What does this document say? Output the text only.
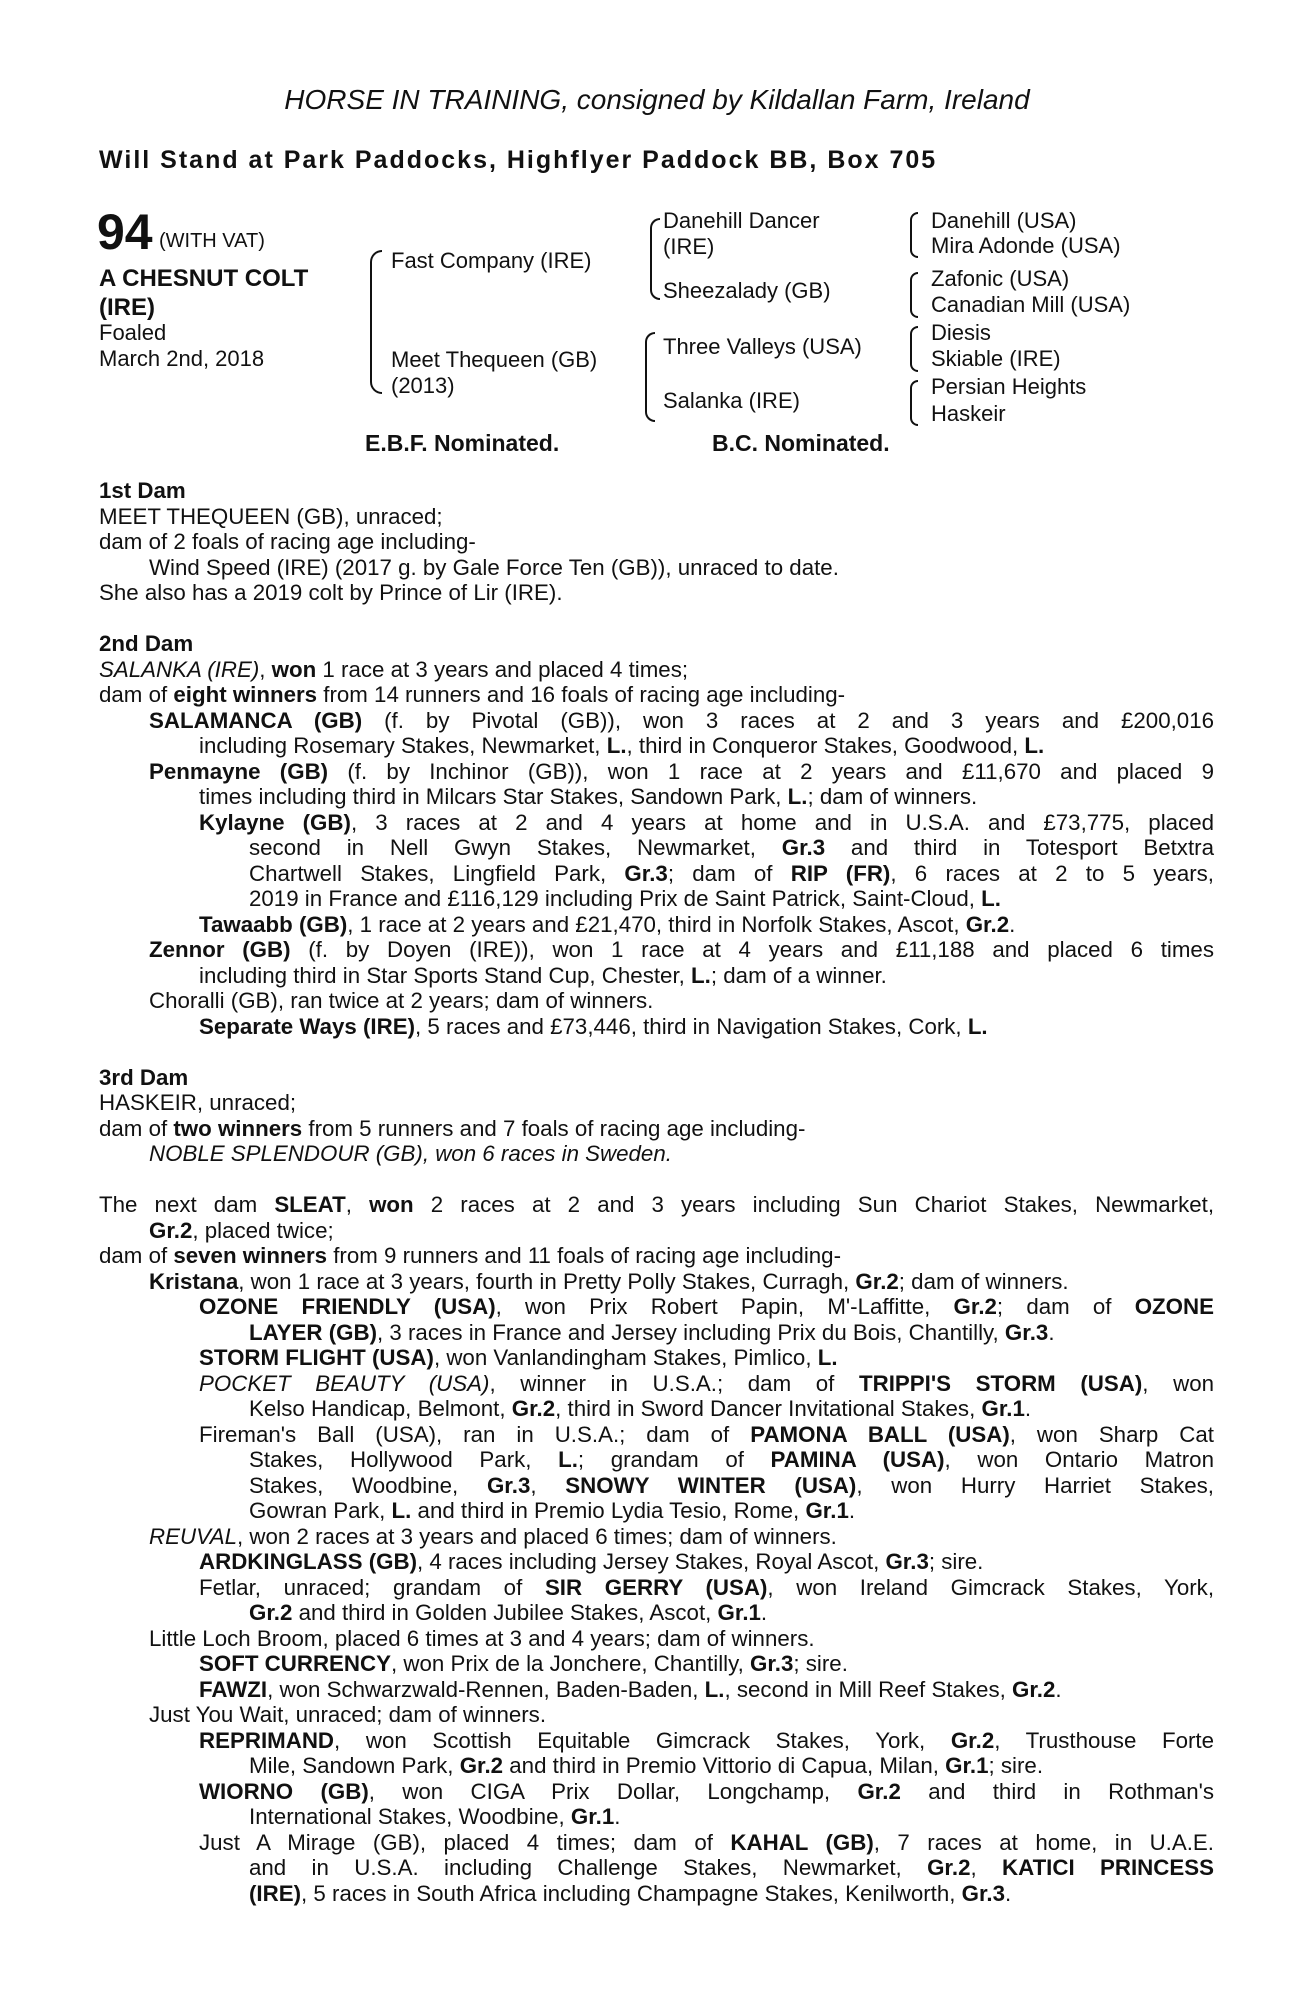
HORSE IN TRAINING, consigned by Kildallan Farm, Ireland
Will Stand at Park Paddocks, Highflyer Paddock BB, Box 705
94 (WITH VAT)
A CHESNUT COLT
(IRE)
Foaled
March 2nd, 2018
Fast Company (IRE)
Meet Thequeen (GB)
(2013)
Danehill Dancer
(IRE)
Sheezalady (GB)
Three Valleys (USA)
Salanka (IRE)
Danehill (USA)
Mira Adonde (USA)
Zafonic (USA)
Canadian Mill (USA)
Diesis
Skiable (IRE)
Persian Heights
Haskeir
E.B.F. Nominated.	B.C. Nominated.
1st Dam
MEET THEQUEEN (GB), unraced;
dam of 2 foals of racing age including-
Wind Speed (IRE) (2017 g. by Gale Force Ten (GB)), unraced to date.
She also has a 2019 colt by Prince of Lir (IRE).
2nd Dam
SALANKA (IRE), won 1 race at 3 years and placed 4 times;
dam of eight winners from 14 runners and 16 foals of racing age including-
SALAMANCA (GB) (f. by Pivotal (GB)), won 3 races at 2 and 3 years and £200,016
including Rosemary Stakes, Newmarket, L., third in Conqueror Stakes, Goodwood, L.
Penmayne (GB) (f. by Inchinor (GB)), won 1 race at 2 years and £11,670 and placed 9
times including third in Milcars Star Stakes, Sandown Park, L.; dam of winners.
Kylayne (GB), 3 races at 2 and 4 years at home and in U.S.A. and £73,775, placed
second in Nell Gwyn Stakes, Newmarket, Gr.3 and third in Totesport Betxtra
Chartwell Stakes, Lingfield Park, Gr.3; dam of RIP (FR), 6 races at 2 to 5 years,
2019 in France and £116,129 including Prix de Saint Patrick, Saint-Cloud, L.
Tawaabb (GB), 1 race at 2 years and £21,470, third in Norfolk Stakes, Ascot, Gr.2.
Zennor (GB) (f. by Doyen (IRE)), won 1 race at 4 years and £11,188 and placed 6 times
including third in Star Sports Stand Cup, Chester, L.; dam of a winner.
Choralli (GB), ran twice at 2 years; dam of winners.
Separate Ways (IRE), 5 races and £73,446, third in Navigation Stakes, Cork, L.
3rd Dam
HASKEIR, unraced;
dam of two winners from 5 runners and 7 foals of racing age including-
NOBLE SPLENDOUR (GB), won 6 races in Sweden.
The next dam SLEAT, won 2 races at 2 and 3 years including Sun Chariot Stakes, Newmarket,
Gr.2, placed twice;
dam of seven winners from 9 runners and 11 foals of racing age including-
Kristana, won 1 race at 3 years, fourth in Pretty Polly Stakes, Curragh, Gr.2; dam of winners.
OZONE FRIENDLY (USA), won Prix Robert Papin, M'-Laffitte, Gr.2; dam of OZONE
LAYER (GB), 3 races in France and Jersey including Prix du Bois, Chantilly, Gr.3.
STORM FLIGHT (USA), won Vanlandingham Stakes, Pimlico, L.
POCKET BEAUTY (USA), winner in U.S.A.; dam of TRIPPI'S STORM (USA), won
Kelso Handicap, Belmont, Gr.2, third in Sword Dancer Invitational Stakes, Gr.1.
Fireman's Ball (USA), ran in U.S.A.; dam of PAMONA BALL (USA), won Sharp Cat
Stakes, Hollywood Park, L.; grandam of PAMINA (USA), won Ontario Matron
Stakes, Woodbine, Gr.3, SNOWY WINTER (USA), won Hurry Harriet Stakes,
Gowran Park, L. and third in Premio Lydia Tesio, Rome, Gr.1.
REUVAL, won 2 races at 3 years and placed 6 times; dam of winners.
ARDKINGLASS (GB), 4 races including Jersey Stakes, Royal Ascot, Gr.3; sire.
Fetlar, unraced; grandam of SIR GERRY (USA), won Ireland Gimcrack Stakes, York,
Gr.2 and third in Golden Jubilee Stakes, Ascot, Gr.1.
Little Loch Broom, placed 6 times at 3 and 4 years; dam of winners.
SOFT CURRENCY, won Prix de la Jonchere, Chantilly, Gr.3; sire.
FAWZI, won Schwarzwald-Rennen, Baden-Baden, L., second in Mill Reef Stakes, Gr.2.
Just You Wait, unraced; dam of winners.
REPRIMAND, won Scottish Equitable Gimcrack Stakes, York, Gr.2, Trusthouse Forte
Mile, Sandown Park, Gr.2 and third in Premio Vittorio di Capua, Milan, Gr.1; sire.
WIORNO (GB), won CIGA Prix Dollar, Longchamp, Gr.2 and third in Rothman's
International Stakes, Woodbine, Gr.1.
Just A Mirage (GB), placed 4 times; dam of KAHAL (GB), 7 races at home, in U.A.E.
and in U.S.A. including Challenge Stakes, Newmarket, Gr.2, KATICI PRINCESS
(IRE), 5 races in South Africa including Champagne Stakes, Kenilworth, Gr.3.
